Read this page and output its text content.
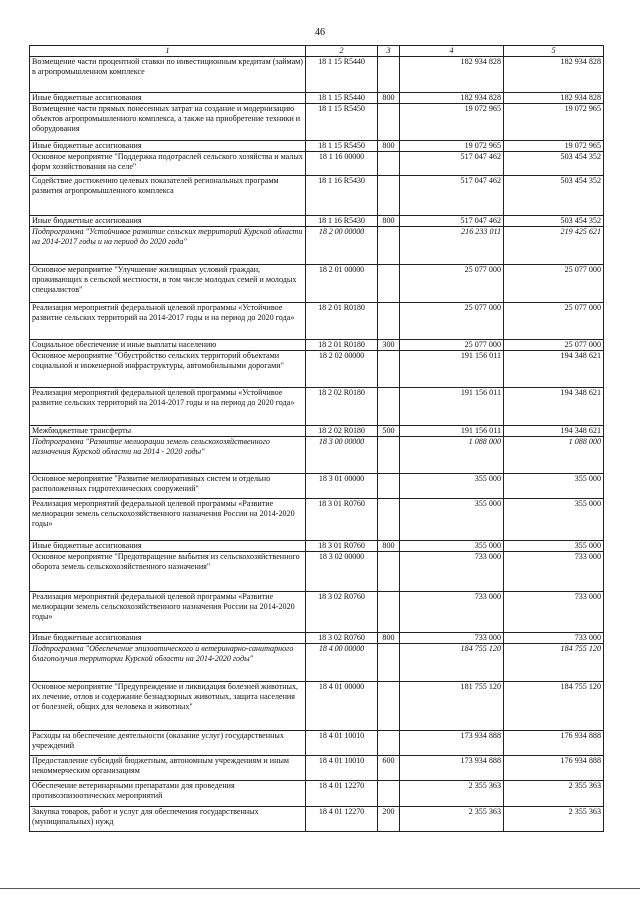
46
1	2	3	4	5
Возмещение части процентной ставки по инвестиционным кредитам (займам) в агропромышленном комплексе	18 1 15 R5440		182 934 828	182 934 828
Иные бюджетные ассигнования	18 1 15 R5440	800	182 934 828	182 934 828
Возмещение части прямых понесенных затрат на создание и модернизацию объектов агропромышленного комплекса, а также на приобретение техники и оборудования	18 1 15 R5450		19 072 965	19 072 965
Иные бюджетные ассигнования	18 1 15 R5450	800	19 072 965	19 072 965
Основное мероприятие "Поддержка подотраслей сельского хозяйства и малых форм хозяйствования на селе"	18 1 16 00000		517 047 462	503 454 352
Содействие достижению целевых показателей региональных программ развития агропромышленного комплекса	18 1 16 R5430		517 047 462	503 454 352
Иные бюджетные ассигнования	18 1 16 R5430	800	517 047 462	503 454 352
Подпрограмма "Устойчивое развитие сельских территорий Курской области на 2014-2017 годы и на период до 2020 года"	18 2 00 00000		216 233 011	219 425 621
Основное мероприятие "Улучшение жилищных условий граждан, проживающих в сельской местности, в том числе молодых семей и молодых специалистов"	18 2 01 00000		25 077 000	25 077 000
Реализация мероприятий федеральной целевой программы «Устойчивое развитие сельских территорий на 2014-2017 годы и на период до 2020 года»	18 2 01 R0180		25 077 000	25 077 000
Социальное обеспечение и иные выплаты населению	18 2 01 R0180	300	25 077 000	25 077 000
Основное мероприятие "Обустройство сельских территорий объектами социальной и инженерной инфраструктуры, автомобильными дорогами"	18 2 02 00000		191 156 011	194 348 621
Реализация мероприятий федеральной целевой программы «Устойчивое развитие сельских территорий на 2014-2017 годы и на период до 2020 года»	18 2 02 R0180		191 156 011	194 348 621
Межбюджетные трансферты	18 2 02 R0180	500	191 156 011	194 348 621
Подпрограмма "Развитие мелиорации земель сельскохозяйственного назначения Курской области на 2014 - 2020 годы"	18 3 00 00000		1 088 000	1 088 000
Основное мероприятие "Развитие мелиоративных систем и отдельно расположенных гидротехнических сооружений"	18 3 01 00000		355 000	355 000
Реализация мероприятий федеральной целевой программы «Развитие мелиорации земель сельскохозяйственного назначения России на 2014-2020 годы»	18 3 01 R0760		355 000	355 000
Иные бюджетные ассигнования	18 3 01 R0760	800	355 000	355 000
Основное мероприятие "Предотвращение выбытия из сельскохозяйственного оборота земель сельскохозяйственного назначения"	18 3 02 00000		733 000	733 000
Реализация мероприятий федеральной целевой программы «Развитие мелиорации земель сельскохозяйственного назначения России на 2014-2020 годы»	18 3 02 R0760		733 000	733 000
Иные бюджетные ассигнования	18 3 02 R0760	800	733 000	733 000
Подпрограмма "Обеспечение эпизоотического и ветеринарно-санитарного благополучия территории Курской области на 2014-2020 годы"	18 4 00 00000		184 755 120	184 755 120
Основное мероприятие "Предупреждение и ликвидация болезней животных, их лечение, отлов и содержание безнадзорных животных, защита населения от болезней, общих для человека и животных"	18 4 01 00000		181 755 120	184 755 120
Расходы на обеспечение деятельности (оказание услуг) государственных учреждений	18 4 01 10010		173 934 888	176 934 888
Предоставление субсидий бюджетным, автономным учреждениям и иным некоммерческим организациям	18 4 01 10010	600	173 934 888	176 934 888
Обеспечение ветеринарными препаратами для проведения противоэпизоотических мероприятий	18 4 01 12270		2 355 363	2 355 363
Закупка товаров, работ и услуг для обеспечения государственных (муниципальных) нужд	18 4 01 12270	200	2 355 363	2 355 363
